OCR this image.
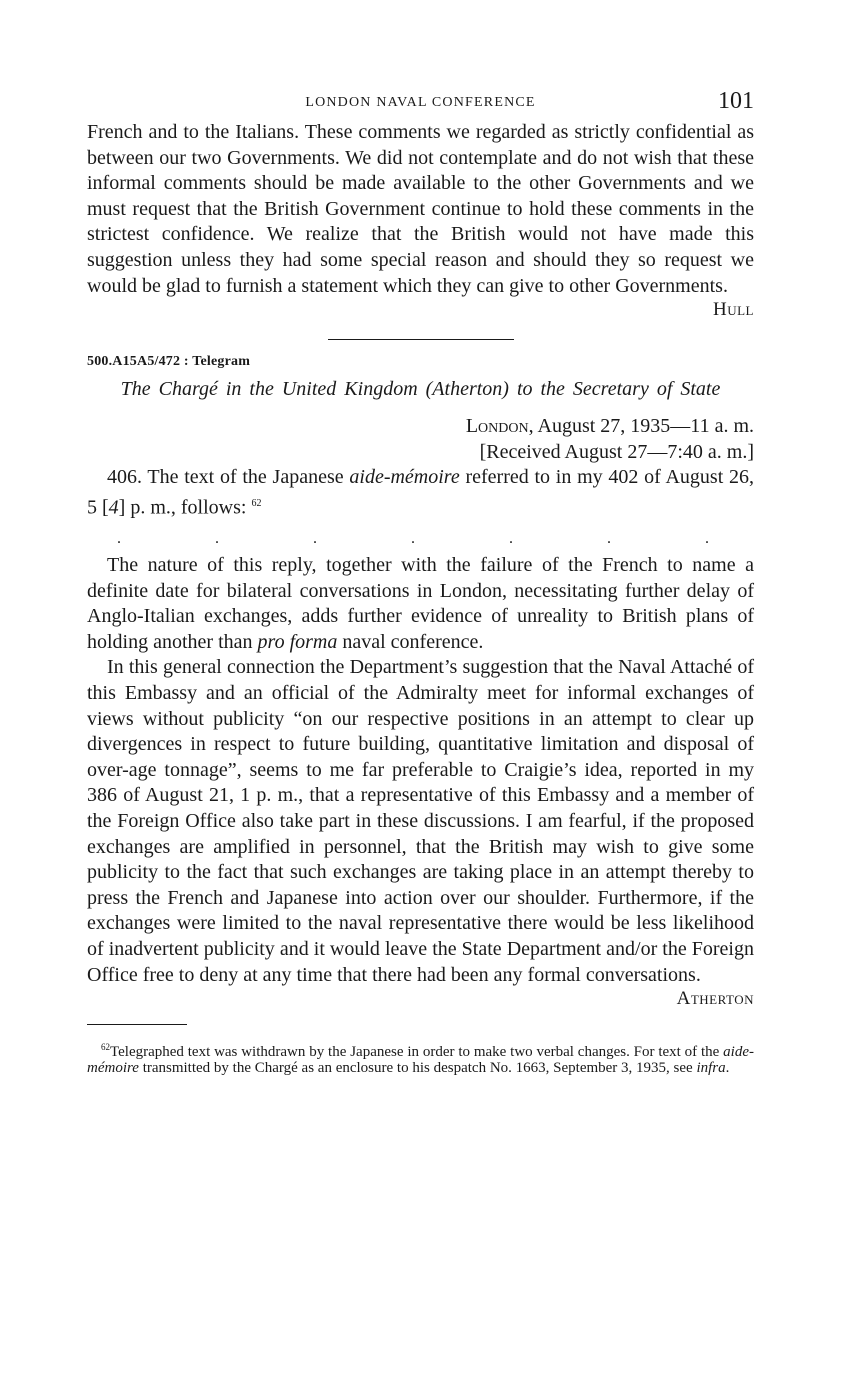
LONDON NAVAL CONFERENCE	101

French and to the Italians. These comments we regarded as strictly confidential as between our two Governments. We did not contemplate and do not wish that these informal comments should be made available to the other Governments and we must request that the British Government continue to hold these comments in the strictest confidence. We realize that the British would not have made this suggestion unless they had some special reason and should they so request we would be glad to furnish a statement which they can give to other Governments.

Hull
500.A15A5/472 : Telegram
The Chargé in the United Kingdom (Atherton) to the Secretary of State
London, August 27, 1935—11 a. m.
[Received August 27—7:40 a. m.]

406. The text of the Japanese aide-mémoire referred to in my 402 of August 26, 5 [4] p. m., follows: $^{62}$

.	.	.	.	.	.	.

The nature of this reply, together with the failure of the French to name a definite date for bilateral conversations in London, necessitating further delay of Anglo-Italian exchanges, adds further evidence of unreality to British plans of holding another than pro forma naval conference.

In this general connection the Department’s suggestion that the Naval Attaché of this Embassy and an official of the Admiralty meet for informal exchanges of views without publicity “on our respective positions in an attempt to clear up divergences in respect to future building, quantitative limitation and disposal of over-age tonnage”, seems to me far preferable to Craigie’s idea, reported in my 386 of August 21, 1 p. m., that a representative of this Embassy and a member of the Foreign Office also take part in these discussions. I am fearful, if the proposed exchanges are amplified in personnel, that the British may wish to give some publicity to the fact that such exchanges are taking place in an attempt thereby to press the French and Japanese into action over our shoulder. Furthermore, if the exchanges were limited to the naval representative there would be less likelihood of inadvertent publicity and it would leave the State Department and/or the Foreign Office free to deny at any time that there had been any formal conversations.

Atherton

$^{62}$Telegraphed text was withdrawn by the Japanese in order to make two verbal changes. For text of the aide-mémoire transmitted by the Chargé as an enclosure to his despatch No. 1663, September 3, 1935, see infra.
